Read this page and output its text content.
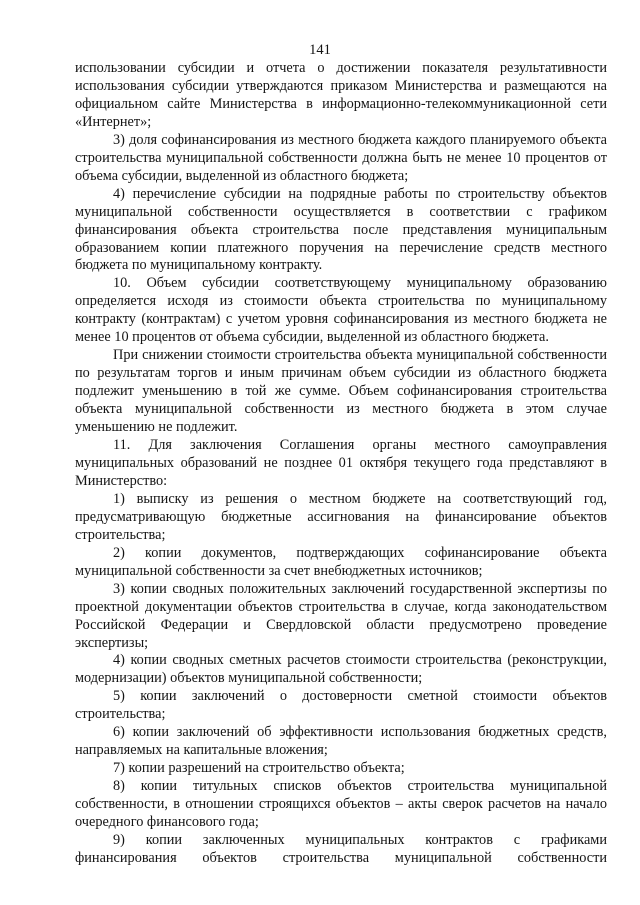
141

использовании субсидии и отчета о достижении показателя результативности использования субсидии утверждаются приказом Министерства и размещаются на официальном сайте Министерства в информационно-телекоммуникационной сети «Интернет»;

3) доля софинансирования из местного бюджета каждого планируемого объекта строительства муниципальной собственности должна быть не менее 10 процентов от объема субсидии, выделенной из областного бюджета;

4) перечисление субсидии на подрядные работы по строительству объектов муниципальной собственности осуществляется в соответствии с графиком финансирования объекта строительства после представления муниципальным образованием копии платежного поручения на перечисление средств местного бюджета по муниципальному контракту.

10. Объем субсидии соответствующему муниципальному образованию определяется исходя из стоимости объекта строительства по муниципальному контракту (контрактам) с учетом уровня софинансирования из местного бюджета не менее 10 процентов от объема субсидии, выделенной из областного бюджета.

При снижении стоимости строительства объекта муниципальной собственности по результатам торгов и иным причинам объем субсидии из областного бюджета подлежит уменьшению в той же сумме. Объем софинансирования строительства объекта муниципальной собственности из местного бюджета в этом случае уменьшению не подлежит.

11. Для заключения Соглашения органы местного самоуправления муниципальных образований не позднее 01 октября текущего года представляют в Министерство:

1) выписку из решения о местном бюджете на соответствующий год, предусматривающую бюджетные ассигнования на финансирование объектов строительства;

2) копии документов, подтверждающих софинансирование объекта муниципальной собственности за счет внебюджетных источников;

3) копии сводных положительных заключений государственной экспертизы по проектной документации объектов строительства в случае, когда законодательством Российской Федерации и Свердловской области предусмотрено проведение экспертизы;

4) копии сводных сметных расчетов стоимости строительства (реконструкции, модернизации) объектов муниципальной собственности;

5) копии заключений о достоверности сметной стоимости объектов строительства;

6) копии заключений об эффективности использования бюджетных средств, направляемых на капитальные вложения;

7) копии разрешений на строительство объекта;

8) копии титульных списков объектов строительства муниципальной собственности, в отношении строящихся объектов – акты сверок расчетов на начало очередного финансового года;

9) копии заключенных муниципальных контрактов с графиками финансирования объектов строительства муниципальной собственности
